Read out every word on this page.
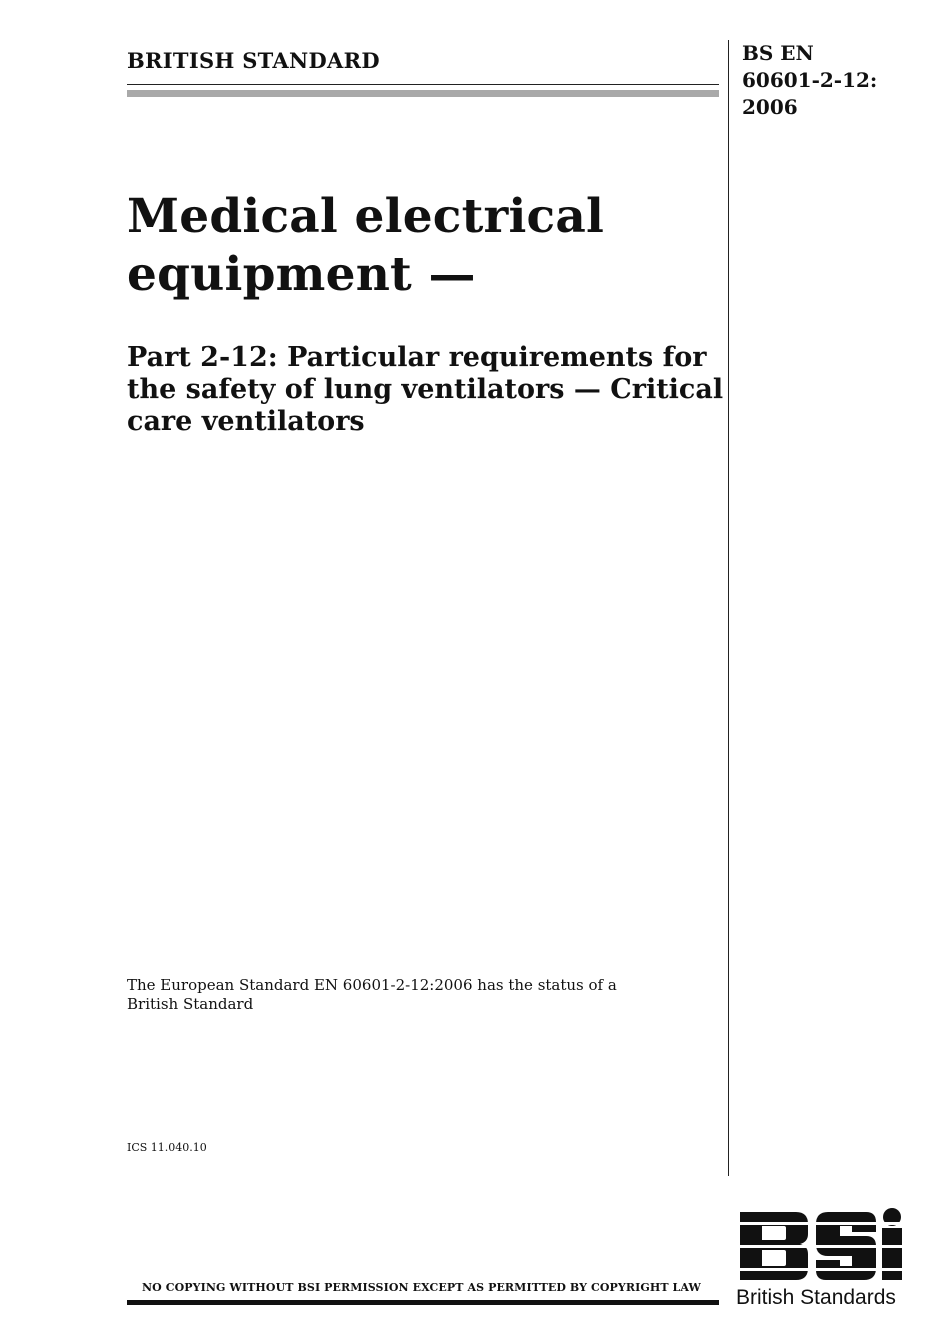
BRITISH STANDARD	BS EN
60601-2-12:
2006
Medical electrical
equipment —
Part 2-12: Particular requirements for
the safety of lung ventilators — Critical
care ventilators
The European Standard EN 60601-2-12:2006 has the status of a
British Standard
ICS 11.040.10
NO COPYING WITHOUT BSI PERMISSION EXCEPT AS PERMITTED BY COPYRIGHT LAW British Standards
